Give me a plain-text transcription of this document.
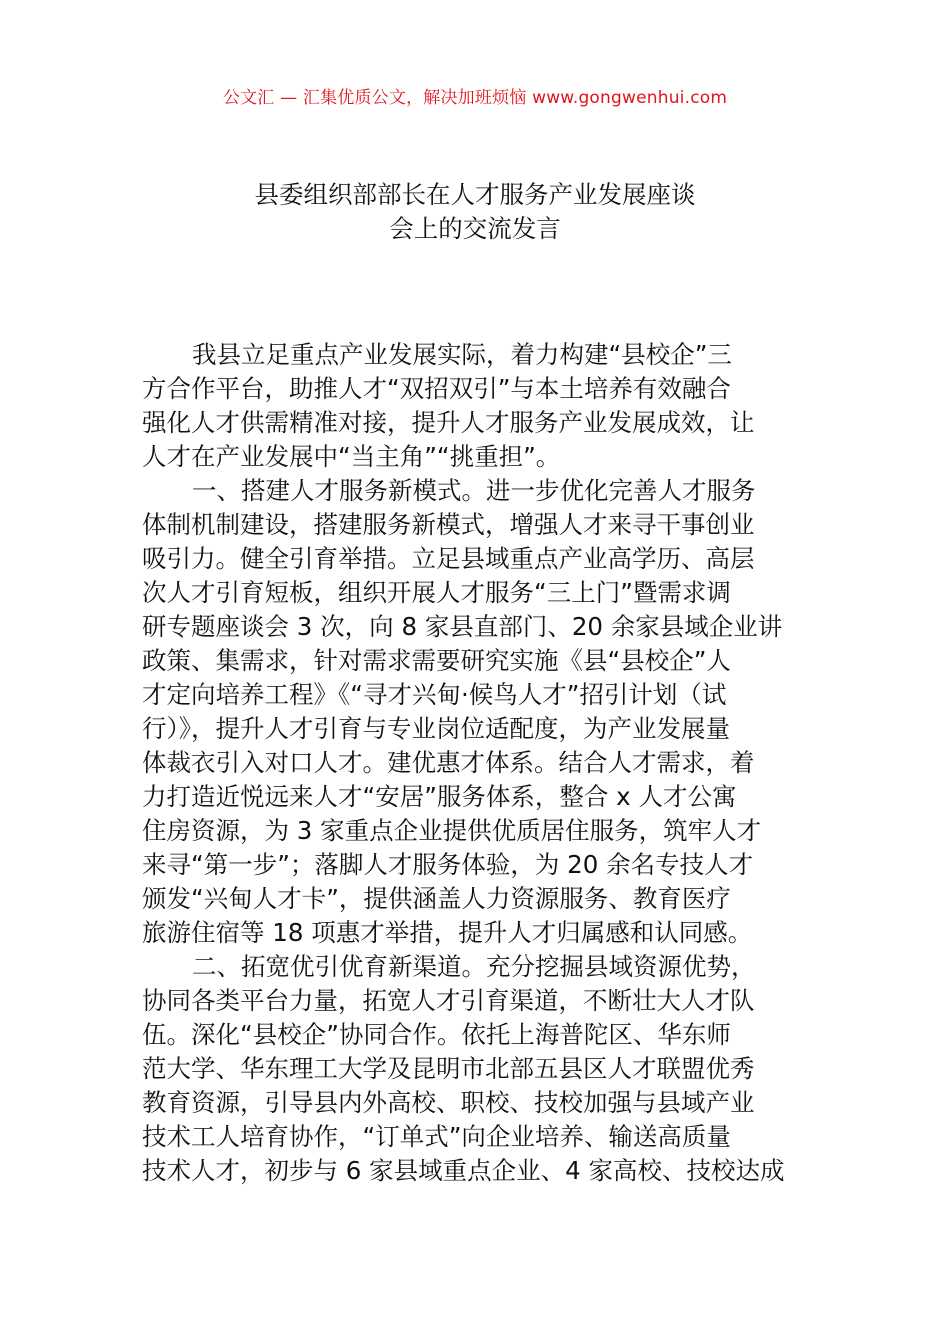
公文汇 — 汇集优质公文，解决加班烦恼 www.gongwenhui.com
县委组织部部长在人才服务产业发展座谈
会上的交流发言

我县立足重点产业发展实际，着力构建“县校企”三
方合作平台，助推人才“双招双引”与本土培养有效融合
强化人才供需精准对接，提升人才服务产业发展成效，让
人才在产业发展中“当主角”“挑重担”。

一、搭建人才服务新模式。进一步优化完善人才服务
体制机制建设，搭建服务新模式，增强人才来寻干事创业
吸引力。健全引育举措。立足县域重点产业高学历、高层
次人才引育短板，组织开展人才服务“三上门”暨需求调
研专题座谈会 3 次，向 8 家县直部门、20 余家县域企业讲
政策、集需求，针对需求需要研究实施《县“县校企”人
才定向培养工程》《“寻才兴甸·候鸟人才”招引计划（试
行）》，提升人才引育与专业岗位适配度，为产业发展量
体裁衣引入对口人才。建优惠才体系。结合人才需求，着
力打造近悦远来人才“安居”服务体系，整合 x 人才公寓
住房资源，为 3 家重点企业提供优质居住服务，筑牢人才
来寻“第一步”；落脚人才服务体验，为 20 余名专技人才
颁发“兴甸人才卡”，提供涵盖人力资源服务、教育医疗
旅游住宿等 18 项惠才举措，提升人才归属感和认同感。

二、拓宽优引优育新渠道。充分挖掘县域资源优势，
协同各类平台力量，拓宽人才引育渠道，不断壮大人才队
伍。深化“县校企”协同合作。依托上海普陀区、华东师
范大学、华东理工大学及昆明市北部五县区人才联盟优秀
教育资源，引导县内外高校、职校、技校加强与县域产业
技术工人培育协作，“订单式”向企业培养、输送高质量
技术人才，初步与 6 家县域重点企业、4 家高校、技校达成
